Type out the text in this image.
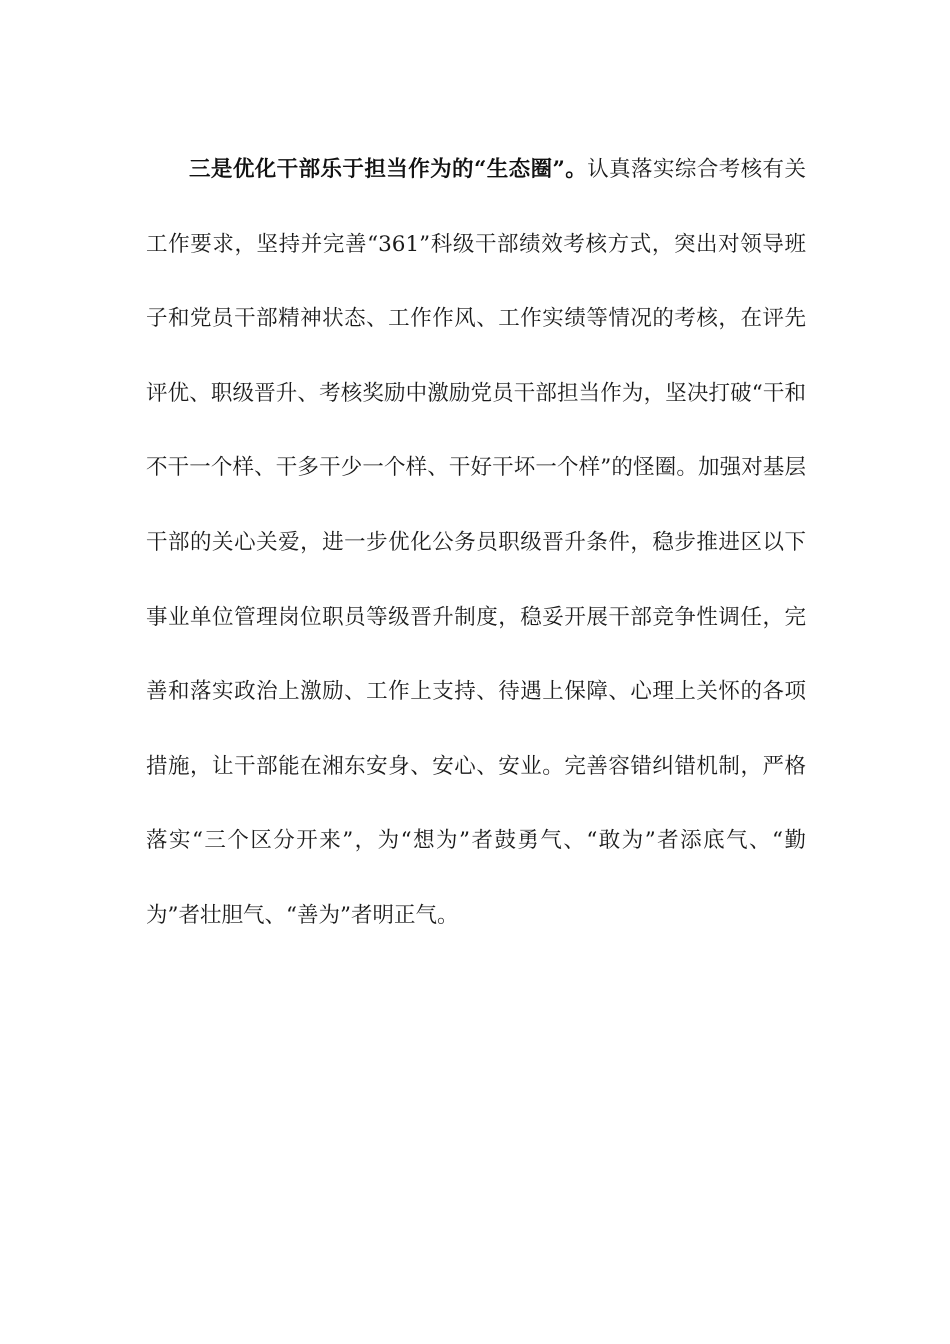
三是优化干部乐于担当作为的“生态圈”。认真落实综合考核有关工作要求，坚持并完善“361”科级干部绩效考核方式，突出对领导班子和党员干部精神状态、工作作风、工作实绩等情况的考核，在评先评优、职级晋升、考核奖励中激励党员干部担当作为，坚决打破“干和不干一个样、干多干少一个样、干好干坏一个样”的怪圈。加强对基层干部的关心关爱，进一步优化公务员职级晋升条件，稳步推进区以下事业单位管理岗位职员等级晋升制度，稳妥开展干部竞争性调任，完善和落实政治上激励、工作上支持、待遇上保障、心理上关怀的各项措施，让干部能在湘东安身、安心、安业。完善容错纠错机制，严格落实“三个区分开来”，为“想为”者鼓勇气、“敢为”者添底气、“勤为”者壮胆气、“善为”者明正气。
